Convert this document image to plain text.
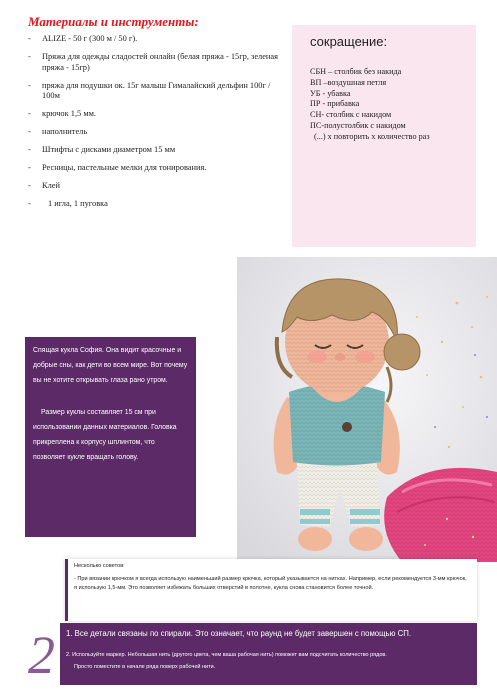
Материалы и инструменты:
- ALIZE - 50 г (300 м / 50 г).
- Пряжа для одежды сладостей онлайн (белая пряжа - 15гр, зеленая пряжа - 15гр)
- пряжа для подушки ок. 15г малыш Гималайский дельфин 100г / 100м
- крючок 1,5 мм.
- наполнитель
- Штифты с дисками диаметром 15 мм
- Ресницы, пастельные мелки для тонирования.
- Клей
- 1 игла, 1 пуговка
сокращение:
СБН – столбик без накида
ВП –воздушная петля
УБ - убавка
ПР - прибавка
СН- столбик с накидом
ПС-полустолбик с накидом
(...) х повторить х количество раз

Спящая кукла София. Она видит красочные и добрые сны, как дети во всем мире. Вот почему вы не хотите открывать глаза рано утром.

Размер куклы составляет 15 см при использовании данных материалов. Головка прикреплена к корпусу шплинтом, что позволяет кукле вращать голову.

Несколько советов:
- При вязании крючком я всегда использую наименьший размер крючка, который указывается на нитках. Например, если рекомендуется 3-мм крючок, я использую 1,5-мм. Это позволяет избежать больших отверстий в полотне, кукла снова становится более точной.
1. Все детали связаны по спирали. Это означает, что раунд не будет завершен с помощью СП.
2. Используйте маркер. Небольшая нить (другого цвета, чем ваша рабочая нить) поможет вам подсчитать количество рядов.
Просто поместите в начале ряда поверх рабочей нити.
2
